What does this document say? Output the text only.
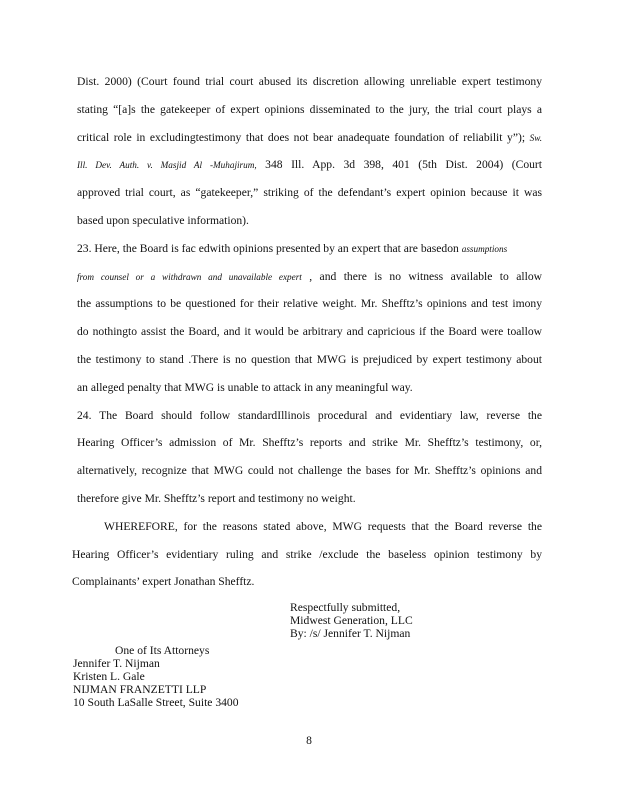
Dist. 2000) (Court found trial court abused its discretion allowing unreliable expert testimony
stating “[a]s the gatekeeper of expert opinions disseminated to the jury, the trial court plays a
critical role in excludingtestimony that does not bear anadequate foundation of reliabilit y”); Sw.
Ill. Dev. Auth. v. Masjid Al -Muhajirum, 348 Ill. App. 3d 398, 401 (5th Dist. 2004) (Court
approved trial court, as “gatekeeper,” striking of the defendant’s expert opinion because it was
based upon speculative information).
23. Here, the Board is fac edwith opinions presented by an expert that are basedon assumptions
from counsel or a withdrawn and unavailable expert , and there is no witness available to allow
the assumptions to be questioned for their relative weight. Mr. Shefftz’s opinions and test imony
do nothingto assist the Board, and it would be arbitrary and capricious if the Board were toallow
the testimony to stand .There is no question that MWG is prejudiced by expert testimony about
an alleged penalty that MWG is unable to attack in any meaningful way.
24. The Board should follow standardIllinois procedural and evidentiary law, reverse the
Hearing Officer’s admission of Mr. Shefftz’s reports and strike Mr. Shefftz’s testimony, or,
alternatively, recognize that MWG could not challenge the bases for Mr. Shefftz’s opinions and
therefore give Mr. Shefftz’s report and testimony no weight.
WHEREFORE, for the reasons stated above, MWG requests that the Board reverse the
Hearing Officer’s evidentiary ruling and strike /exclude the baseless opinion testimony by
Complainants’ expert Jonathan Shefftz.
Respectfully submitted,
Midwest Generation, LLC
By: /s/ Jennifer T. Nijman
One of Its Attorneys
Jennifer T. Nijman
Kristen L. Gale
NIJMAN FRANZETTI LLP
10 South LaSalle Street, Suite 3400
8
